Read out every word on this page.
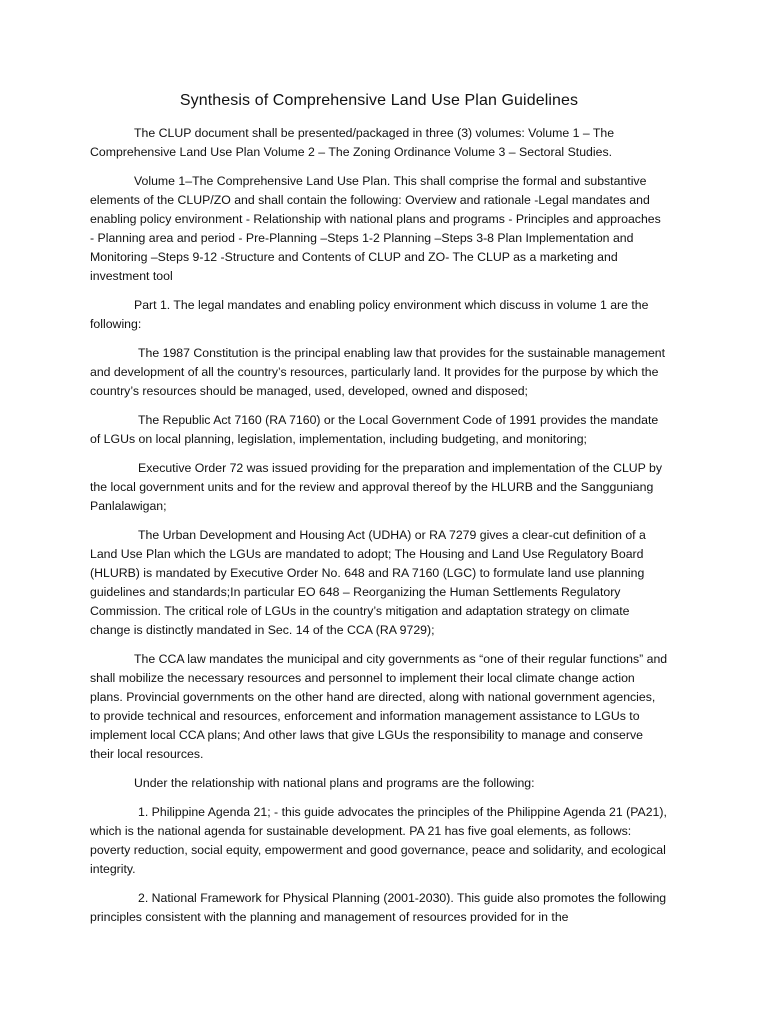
Synthesis of Comprehensive Land Use Plan Guidelines

The CLUP document shall be presented/packaged in three (3) volumes: Volume 1 – The Comprehensive Land Use Plan Volume 2 – The Zoning Ordinance Volume 3 – Sectoral Studies.

Volume 1–The Comprehensive Land Use Plan. This shall comprise the formal and substantive elements of the CLUP/ZO and shall contain the following: Overview and rationale -Legal mandates and enabling policy environment - Relationship with national plans and programs - Principles and approaches - Planning area and period - Pre-Planning –Steps 1-2 Planning –Steps 3-8 Plan Implementation and Monitoring –Steps 9-12 -Structure and Contents of CLUP and ZO- The CLUP as a marketing and investment tool

Part 1. The legal mandates and enabling policy environment which discuss in volume 1 are the following:

The 1987 Constitution is the principal enabling law that provides for the sustainable management and development of all the country’s resources, particularly land. It provides for the purpose by which the country’s resources should be managed, used, developed, owned and disposed;

The Republic Act 7160 (RA 7160) or the Local Government Code of 1991 provides the mandate of LGUs on local planning, legislation, implementation, including budgeting, and monitoring;

Executive Order 72 was issued providing for the preparation and implementation of the CLUP by the local government units and for the review and approval thereof by the HLURB and the Sangguniang Panlalawigan;

The Urban Development and Housing Act (UDHA) or RA 7279 gives a clear-cut definition of a Land Use Plan which the LGUs are mandated to adopt; The Housing and Land Use Regulatory Board (HLURB) is mandated by Executive Order No. 648 and RA 7160 (LGC) to formulate land use planning guidelines and standards;In particular EO 648 – Reorganizing the Human Settlements Regulatory Commission. The critical role of LGUs in the country’s mitigation and adaptation strategy on climate change is distinctly mandated in Sec. 14 of the CCA (RA 9729);

The CCA law mandates the municipal and city governments as “one of their regular functions” and shall mobilize the necessary resources and personnel to implement their local climate change action plans. Provincial governments on the other hand are directed, along with national government agencies, to provide technical and resources, enforcement and information management assistance to LGUs to implement local CCA plans; And other laws that give LGUs the responsibility to manage and conserve their local resources.

Under the relationship with national plans and programs are the following:

1. Philippine Agenda 21; - this guide advocates the principles of the Philippine Agenda 21 (PA21), which is the national agenda for sustainable development. PA 21 has five goal elements, as follows: poverty reduction, social equity, empowerment and good governance, peace and solidarity, and ecological integrity.

2. National Framework for Physical Planning (2001-2030). This guide also promotes the following principles consistent with the planning and management of resources provided for in the
